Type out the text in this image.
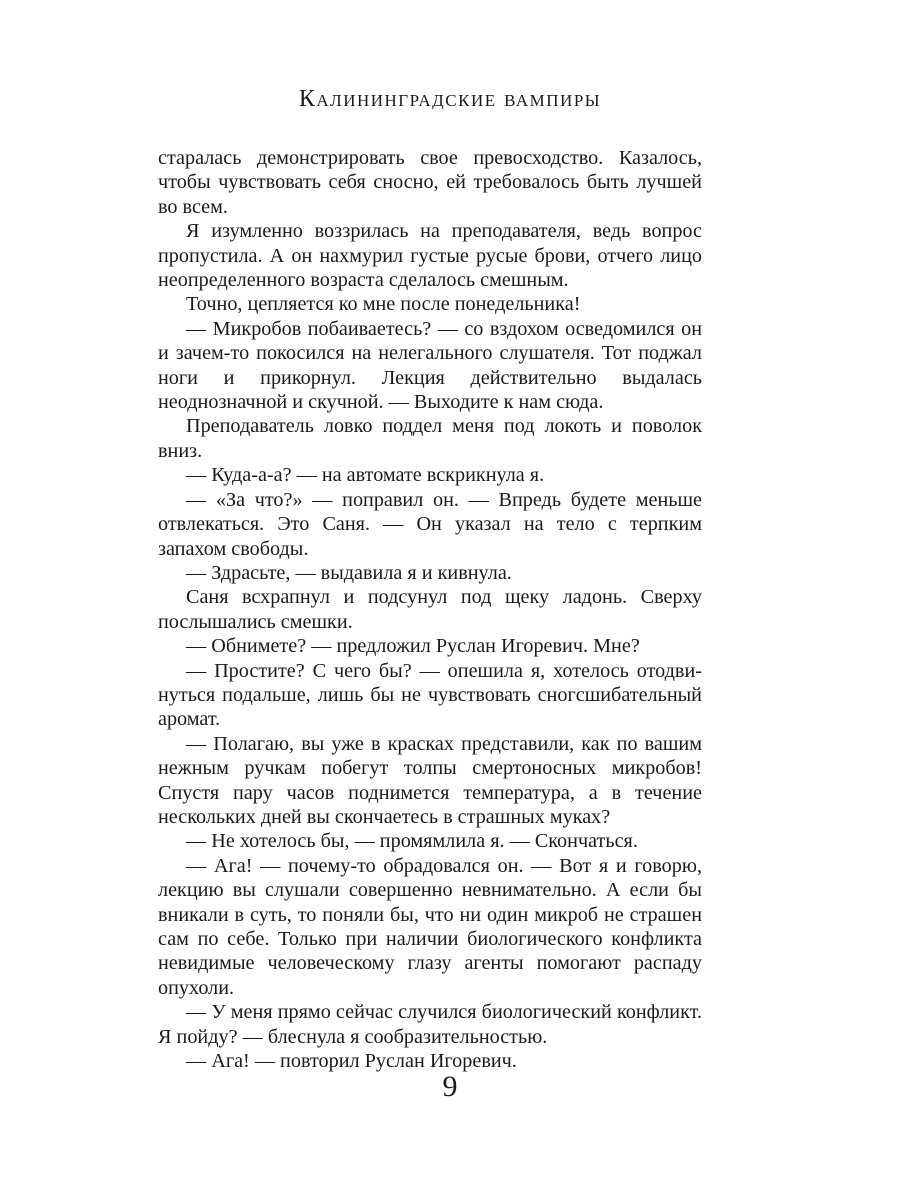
Калининградские вампиры

старалась демонстрировать свое превосходство. Казалось, чтобы чувствовать себя сносно, ей требовалось быть лучшей во всем.

Я изумленно воззрилась на преподавателя, ведь вопрос пропустила. А он нахмурил густые русые брови, отчего лицо неопределенного возраста сделалось смешным.

Точно, цепляется ко мне после понедельника!

— Микробов побаиваетесь? — со вздохом осведомился он и зачем-то покосился на нелегального слушателя. Тот поджал ноги и прикорнул. Лекция действительно выдалась неоднозначной и скучной. — Выходите к нам сюда.

Преподаватель ловко поддел меня под локоть и поволок вниз.

— Куда-а-а? — на автомате вскрикнула я.

— «За что?» — поправил он. — Впредь будете меньше отвлекаться. Это Саня. — Он указал на тело с терпким запахом свободы.

— Здрасьте, — выдавила я и кивнула.

Саня всхрапнул и подсунул под щеку ладонь. Сверху послышались смешки.

— Обнимете? — предложил Руслан Игоревич. Мне?

— Простите? С чего бы? — опешила я, хотелось отодвинуться подальше, лишь бы не чувствовать сногсшибательный аромат.

— Полагаю, вы уже в красках представили, как по вашим нежным ручкам побегут толпы смертоносных микробов! Спустя пару часов поднимется температура, а в течение нескольких дней вы скончаетесь в страшных муках?

— Не хотелось бы, — промямлила я. — Скончаться.

— Ага! — почему-то обрадовался он. — Вот я и говорю, лекцию вы слушали совершенно невнимательно. А если бы вникали в суть, то поняли бы, что ни один микроб не страшен сам по себе. Только при наличии биологического конфликта невидимые человеческому глазу агенты помогают распаду опухоли.

— У меня прямо сейчас случился биологический конфликт. Я пойду? — блеснула я сообразительностью.

— Ага! — повторил Руслан Игоревич.

9
